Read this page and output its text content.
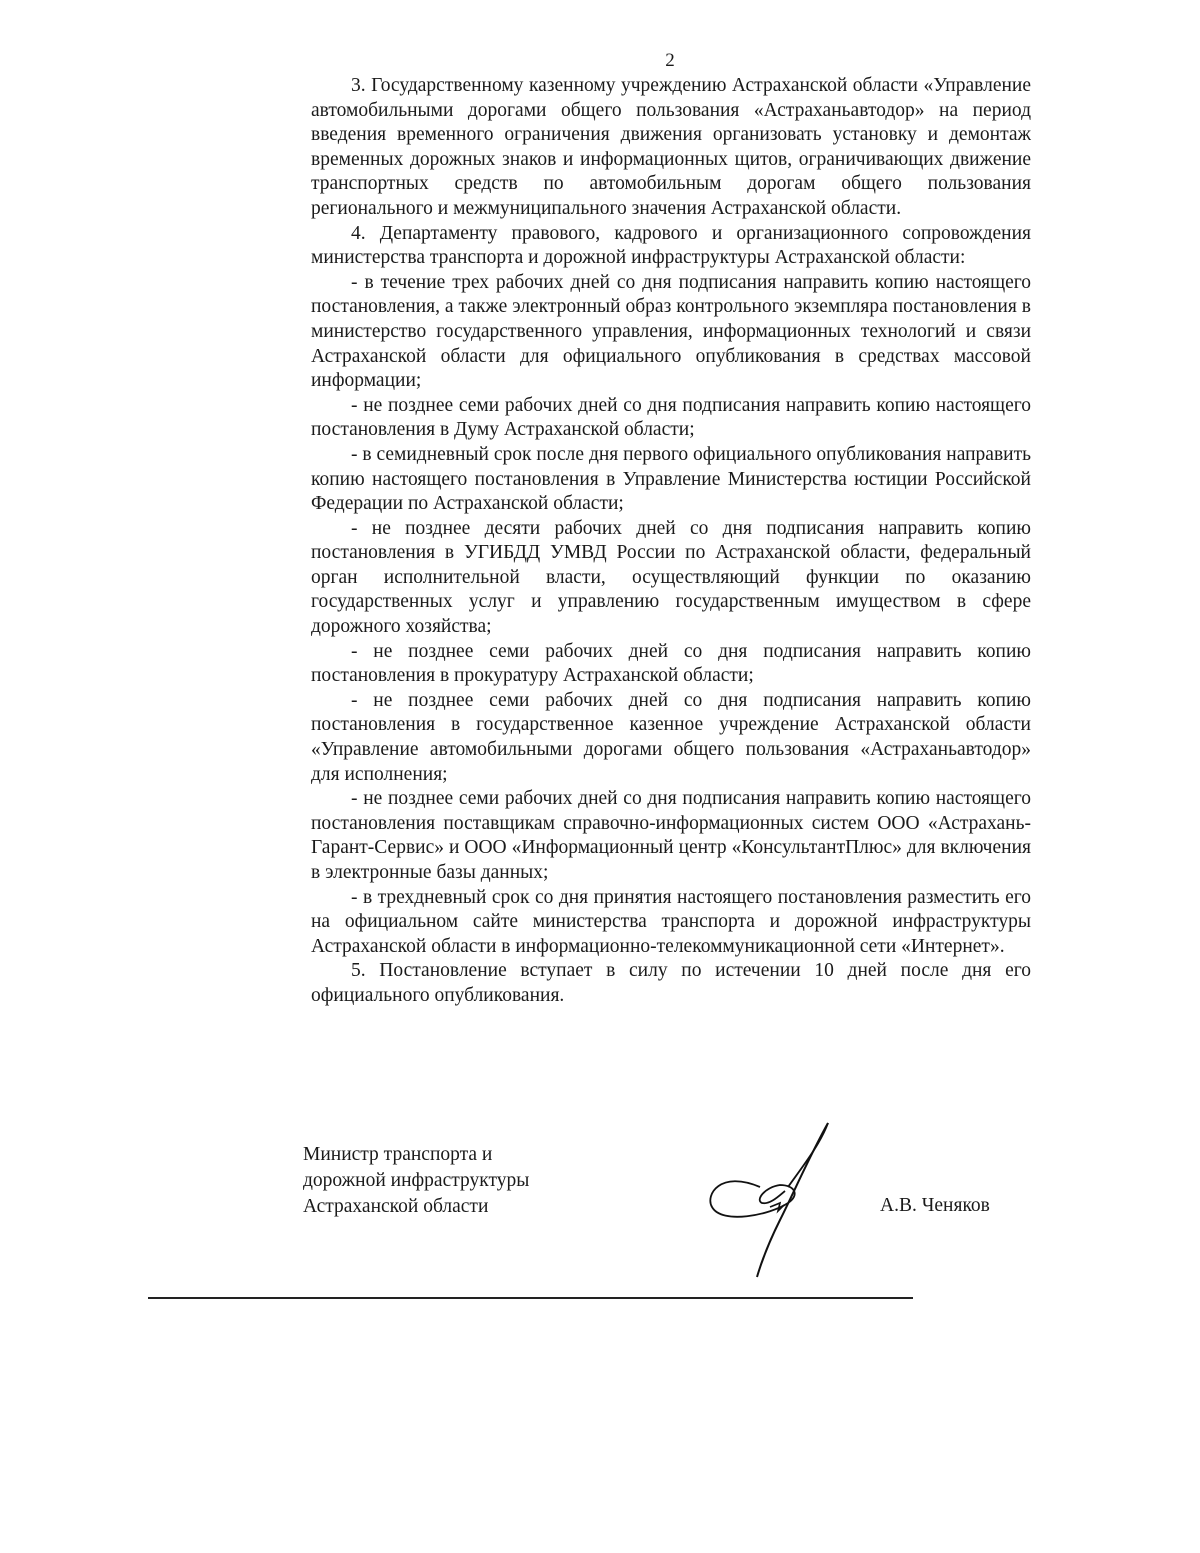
2

3. Государственному казенному учреждению Астраханской области «Управление автомобильными дорогами общего пользования «Астраханьавтодор» на период введения временного ограничения движения организовать установку и демонтаж временных дорожных знаков и информационных щитов, ограничивающих движение транспортных средств по автомобильным дорогам общего пользования регионального и межмуниципального значения Астраханской области.

4. Департаменту правового, кадрового и организационного сопровождения министерства транспорта и дорожной инфраструктуры Астраханской области:

- в течение трех рабочих дней со дня подписания направить копию настоящего постановления, а также электронный образ контрольного экземпляра постановления в министерство государственного управления, информационных технологий и связи Астраханской области для официального опубликования в средствах массовой информации;

- не позднее семи рабочих дней со дня подписания направить копию настоящего постановления в Думу Астраханской области;

- в семидневный срок после дня первого официального опубликования направить копию настоящего постановления в Управление Министерства юстиции Российской Федерации по Астраханской области;

- не позднее десяти рабочих дней со дня подписания направить копию постановления в УГИБДД УМВД России по Астраханской области, федеральный орган исполнительной власти, осуществляющий функции по оказанию государственных услуг и управлению государственным имуществом в сфере дорожного хозяйства;

- не позднее семи рабочих дней со дня подписания направить копию постановления в прокуратуру Астраханской области;

- не позднее семи рабочих дней со дня подписания направить копию постановления в государственное казенное учреждение Астраханской области «Управление автомобильными дорогами общего пользования «Астраханьавтодор» для исполнения;

- не позднее семи рабочих дней со дня подписания направить копию настоящего постановления поставщикам справочно-информационных систем ООО «Астрахань-Гарант-Сервис» и ООО «Информационный центр «КонсультантПлюс» для включения в электронные базы данных;

- в трехдневный срок со дня принятия настоящего постановления разместить его на официальном сайте министерства транспорта и дорожной инфраструктуры Астраханской области в информационно-телекоммуникационной сети «Интернет».

5. Постановление вступает в силу по истечении 10 дней после дня его официального опубликования.

Министр транспорта и
дорожной инфраструктуры
Астраханской области	А.В. Ченяков
